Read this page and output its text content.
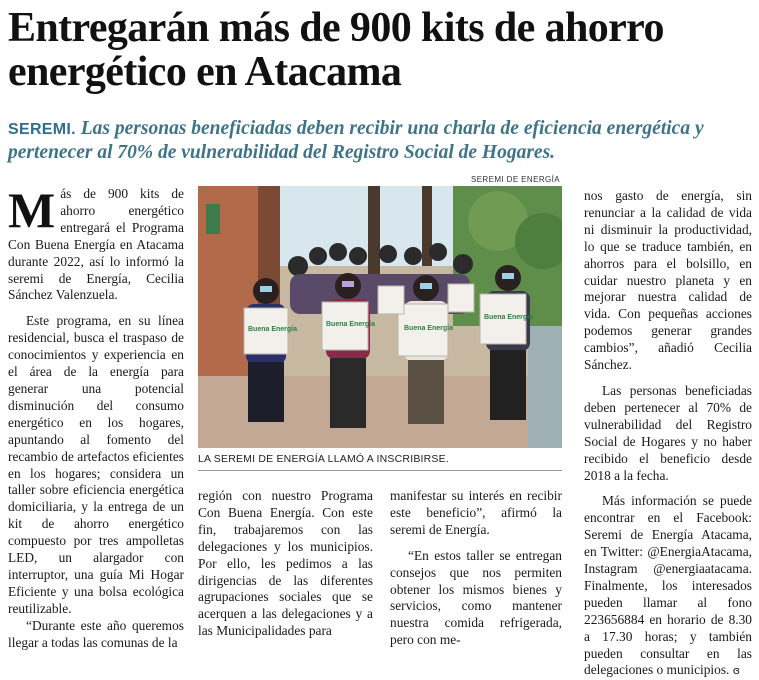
Entregarán más de 900 kits de ahorro energético en Atacama

SEREMI. Las personas beneficiadas deben recibir una charla de eficiencia energética y pertenecer al 70% de vulnerabilidad del Registro Social de Hogares.

Más de 900 kits de ahorro energético entregará el Programa Con Buena Energía en Atacama durante 2022, así lo informó la seremi de Energía, Cecilia Sánchez Valenzuela.

Este programa, en su línea residencial, busca el traspaso de conocimientos y experiencia en el área de la energía para generar una potencial disminución del consumo energético en los hogares, apuntando al fomento del recambio de artefactos eficientes en los hogares; considera un taller sobre eficiencia energética domiciliaria, y la entrega de un kit de ahorro energético compuesto por tres ampolletas LED, un alargador con interruptor, una guía Mi Hogar Eficiente y una bolsa ecológica reutilizable.

“Durante este año queremos llegar a todas las comunas de la

SEREMI DE ENERGÍA
Buena Energía
Buena Energía
Buena Energía
Buena Energía
LA SEREMI DE ENERGÍA LLAMÓ A INSCRIBIRSE.

región con nuestro Programa Con Buena Energía. Con este fin, trabajaremos con las delegaciones y los municipios. Por ello, les pedimos a las dirigencias de las diferentes agrupaciones sociales que se acerquen a las delegaciones y a las Municipalidades para

manifestar su interés en recibir este beneficio”, afirmó la seremi de Energía.

“En estos taller se entregan consejos que nos permiten obtener los mismos bienes y servicios, como mantener nuestra comida refrigerada, pero con me-

nos gasto de energía, sin renunciar a la calidad de vida ni disminuir la productividad, lo que se traduce también, en ahorros para el bolsillo, en cuidar nuestro planeta y en mejorar nuestra calidad de vida. Con pequeñas acciones podemos generar grandes cambios”, añadió Cecilia Sánchez.

Las personas beneficiadas deben pertenecer al 70% de vulnerabilidad del Registro Social de Hogares y no haber recibido el beneficio desde 2018 a la fecha.

Más información se puede encontrar en el Facebook: Seremi de Energía Atacama, en Twitter: @EnergiaAtacama, Instagram @energiaatacama. Finalmente, los interesados pueden llamar al fono 223656884 en horario de 8.30 a 17.30 horas; y también pueden consultar en las delegaciones o municipios. ɞ
